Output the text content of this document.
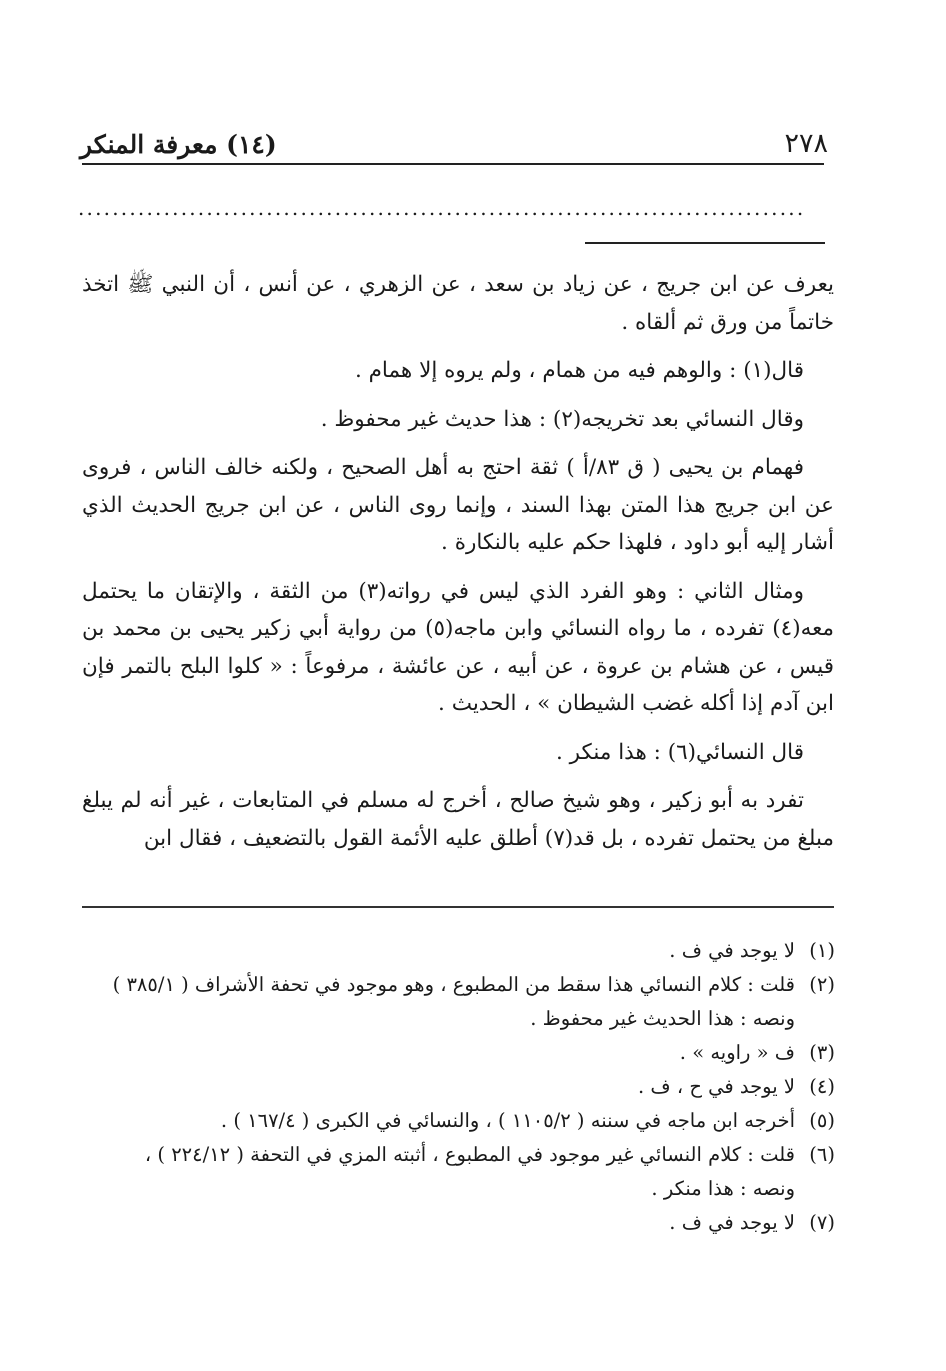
٢٧٨
(١٤) معرفة المنكر
.....................................................................................

يعرف عن ابن جريج ، عن زياد بن سعد ، عن الزهري ، عن أنس ، أن النبي ﷺ اتخذ خاتماً من ورق ثم ألقاه .

قال(١) : والوهم فيه من همام ، ولم يروه إلا همام .

وقال النسائي بعد تخريجه(٢) : هذا حديث غير محفوظ .

فهمام بن يحيى ( ق ٨٣/أ ) ثقة احتج به أهل الصحيح ، ولكنه خالف الناس ، فروى عن ابن جريج هذا المتن بهذا السند ، وإنما روى الناس ، عن ابن جريج الحديث الذي أشار إليه أبو داود ، فلهذا حكم عليه بالنكارة .

ومثال الثاني : وهو الفرد الذي ليس في رواته(٣) من الثقة ، والإتقان ما يحتمل معه(٤) تفرده ، ما رواه النسائي وابن ماجه(٥) من رواية أبي زكير يحيى بن محمد بن قيس ، عن هشام بن عروة ، عن أبيه ، عن عائشة ، مرفوعاً : « كلوا البلح بالتمر فإن ابن آدم إذا أكله غضب الشيطان » ، الحديث .

قال النسائي(٦) : هذا منكر .

تفرد به أبو زكير ، وهو شيخ صالح ، أخرج له مسلم في المتابعات ، غير أنه لم يبلغ مبلغ من يحتمل تفرده ، بل قد(٧) أطلق عليه الأئمة القول بالتضعيف ، فقال ابن

(١)
لا يوجد في ف .
(٢)
قلت : كلام النسائي هذا سقط من المطبوع ، وهو موجود في تحفة الأشراف ( ٣٨٥/١ ) ونصه : هذا الحديث غير محفوظ .
(٣)
ف « راويه » .
(٤)
لا يوجد في ح ، ف .
(٥)
أخرجه ابن ماجه في سننه ( ١١٠٥/٢ ) ، والنسائي في الكبرى ( ١٦٧/٤ ) .
(٦)
قلت : كلام النسائي غير موجود في المطبوع ، أثبته المزي في التحفة ( ٢٢٤/١٢ ) ، ونصه : هذا منكر .
(٧)
لا يوجد في ف .
